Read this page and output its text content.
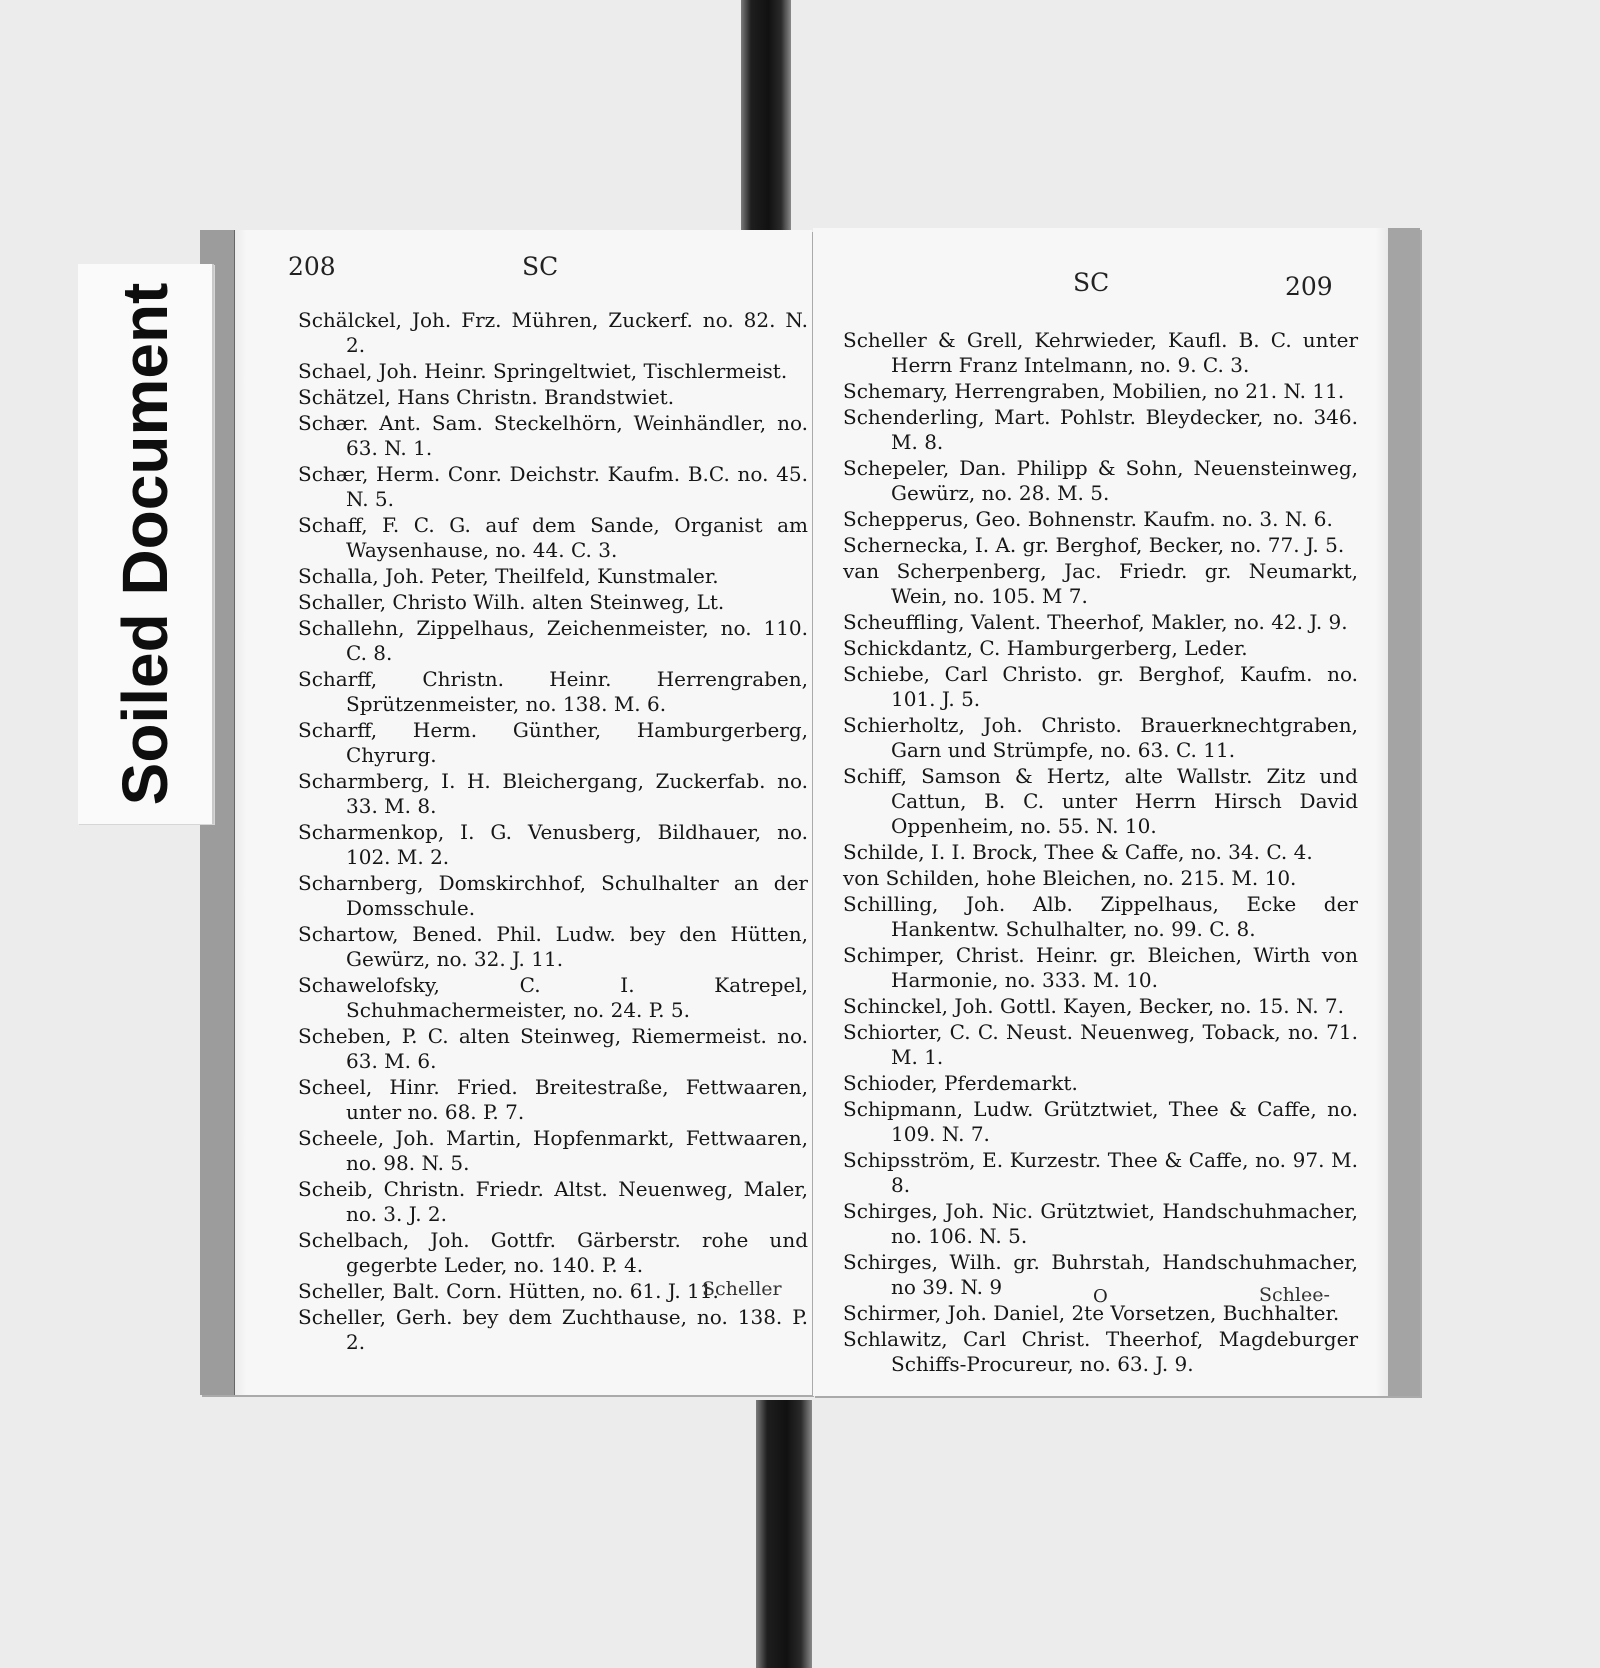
208	SC
Schälckel, Joh. Frz. Mühren, Zuckerf. no. 82. N. 2.
Schael, Joh. Heinr. Springeltwiet, Tischlermeist.
Schätzel, Hans Christn. Brandstwiet.
Schær. Ant. Sam. Steckelhörn, Weinhändler, no. 63. N. 1.
Schær, Herm. Conr. Deichstr. Kaufm. B.C. no. 45. N. 5.
Schaff, F. C. G. auf dem Sande, Organist am Waysenhause, no. 44. C. 3.
Schalla, Joh. Peter, Theilfeld, Kunstmaler.
Schaller, Christo Wilh. alten Steinweg, Lt.
Schallehn, Zippelhaus, Zeichenmeister, no. 110. C. 8.
Scharff, Christn. Heinr. Herrengraben, Sprützenmeister, no. 138. M. 6.
Scharff, Herm. Günther, Hamburgerberg, Chyrurg.
Scharmberg, I. H. Bleichergang, Zuckerfab. no. 33. M. 8.
Scharmenkop, I. G. Venusberg, Bildhauer, no. 102. M. 2.
Scharnberg, Domskirchhof, Schulhalter an der Domsschule.
Schartow, Bened. Phil. Ludw. bey den Hütten, Gewürz, no. 32. J. 11.
Schawelofsky, C. I. Katrepel, Schuhmachermeister, no. 24. P. 5.
Scheben, P. C. alten Steinweg, Riemermeist. no. 63. M. 6.
Scheel, Hinr. Fried. Breitestraße, Fettwaaren, unter no. 68. P. 7.
Scheele, Joh. Martin, Hopfenmarkt, Fettwaaren, no. 98. N. 5.
Scheib, Christn. Friedr. Altst. Neuenweg, Maler, no. 3. J. 2.
Schelbach, Joh. Gottfr. Gärberstr. rohe und gegerbte Leder, no. 140. P. 4.
Scheller, Balt. Corn. Hütten, no. 61. J. 11.
Scheller, Gerh. bey dem Zuchthause, no. 138. P. 2.
Scheller
SC	209
Scheller & Grell, Kehrwieder, Kaufl. B. C. unter Herrn Franz Intelmann, no. 9. C. 3.
Schemary, Herrengraben, Mobilien, no 21. N. 11.
Schenderling, Mart. Pohlstr. Bleydecker, no. 346. M. 8.
Schepeler, Dan. Philipp & Sohn, Neuensteinweg, Gewürz, no. 28. M. 5.
Schepperus, Geo. Bohnenstr. Kaufm. no. 3. N. 6.
Schernecka, I. A. gr. Berghof, Becker, no. 77. J. 5.
van Scherpenberg, Jac. Friedr. gr. Neumarkt, Wein, no. 105. M 7.
Scheuffling, Valent. Theerhof, Makler, no. 42. J. 9.
Schickdantz, C. Hamburgerberg, Leder.
Schiebe, Carl Christo. gr. Berghof, Kaufm. no. 101. J. 5.
Schierholtz, Joh. Christo. Brauerknechtgraben, Garn und Strümpfe, no. 63. C. 11.
Schiff, Samson & Hertz, alte Wallstr. Zitz und Cattun, B. C. unter Herrn Hirsch David Oppenheim, no. 55. N. 10.
Schilde, I. I. Brock, Thee & Caffe, no. 34. C. 4.
von Schilden, hohe Bleichen, no. 215. M. 10.
Schilling, Joh. Alb. Zippelhaus, Ecke der Hankentw. Schulhalter, no. 99. C. 8.
Schimper, Christ. Heinr. gr. Bleichen, Wirth von Harmonie, no. 333. M. 10.
Schinckel, Joh. Gottl. Kayen, Becker, no. 15. N. 7.
Schiorter, C. C. Neust. Neuenweg, Toback, no. 71. M. 1.
Schioder, Pferdemarkt.
Schipmann, Ludw. Grütztwiet, Thee & Caffe, no. 109. N. 7.
Schipsström, E. Kurzestr. Thee & Caffe, no. 97. M. 8.
Schirges, Joh. Nic. Grütztwiet, Handschuhmacher, no. 106. N. 5.
Schirges, Wilh. gr. Buhrstah, Handschuhmacher, no 39. N. 9
Schirmer, Joh. Daniel, 2te Vorsetzen, Buchhalter.
Schlawitz, Carl Christ. Theerhof, Magdeburger Schiffs-Procureur, no. 63. J. 9.
O	Schlee-
Soiled Document
